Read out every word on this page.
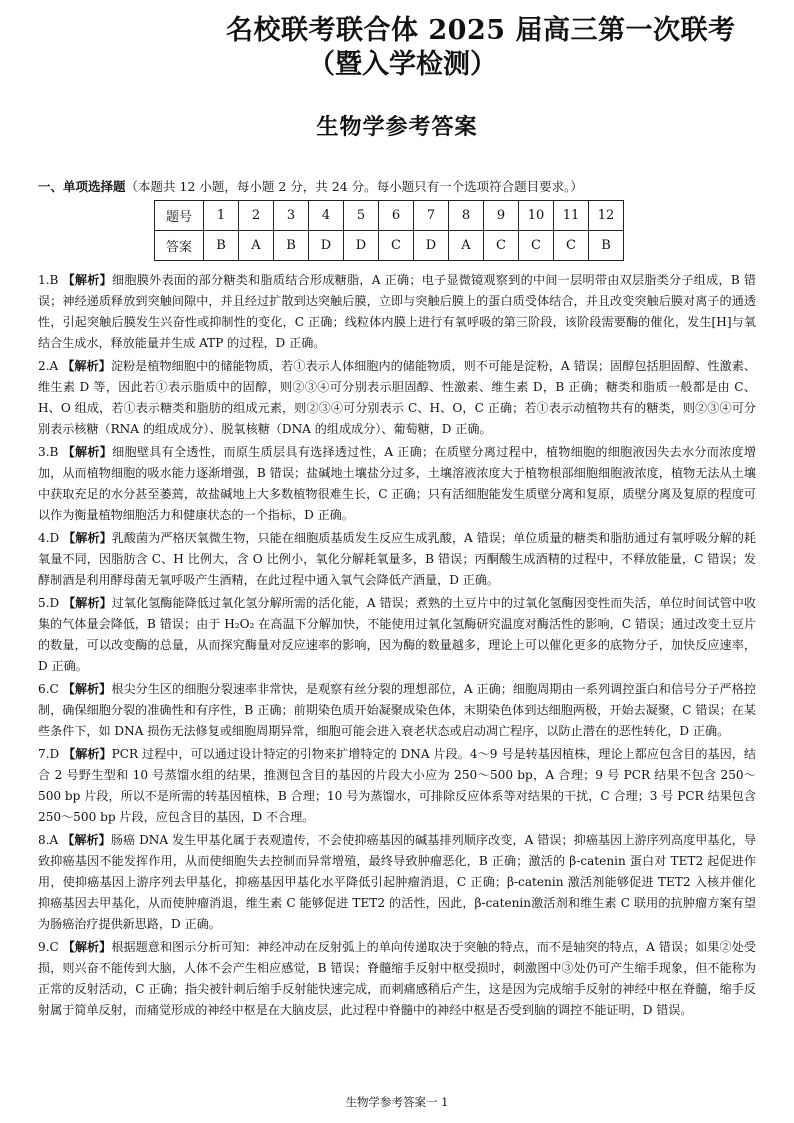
名校联考联合体 2025 届高三第一次联考
（暨入学检测）
生物学参考答案
一、单项选择题（本题共 12 小题，每小题 2 分，共 24 分。每小题只有一个选项符合题目要求。）
题号	1	2	3	4	5	6	7	8	9	10	11	12
答案	B	A	B	D	D	C	D	A	C	C	C	B
1.B 【解析】细胞膜外表面的部分糖类和脂质结合形成糖脂，A 正确；电子显微镜观察到的中间一层明带由双层脂类分子组成，B 错误；神经递质释放到突触间隙中，并且经过扩散到达突触后膜，立即与突触后膜上的蛋白质受体结合，并且改变突触后膜对离子的通透性，引起突触后膜发生兴奋性或抑制性的变化，C 正确；线粒体内膜上进行有氧呼吸的第三阶段，该阶段需要酶的催化，发生[H]与氧结合生成水，释放能量并生成 ATP 的过程，D 正确。
2.A 【解析】淀粉是植物细胞中的储能物质，若①表示人体细胞内的储能物质，则不可能是淀粉，A 错误；固醇包括胆固醇、性激素、维生素 D 等，因此若①表示脂质中的固醇，则②③④可分别表示胆固醇、性激素、维生素 D，B 正确；糖类和脂质一般都是由 C、H、O 组成，若①表示糖类和脂肪的组成元素，则②③④可分别表示 C、H、O，C 正确；若①表示动植物共有的糖类，则②③④可分别表示核糖（RNA 的组成成分）、脱氧核糖（DNA 的组成成分）、葡萄糖，D 正确。
3.B 【解析】细胞壁具有全透性，而原生质层具有选择透过性，A 正确；在质壁分离过程中，植物细胞的细胞液因失去水分而浓度增加，从而植物细胞的吸水能力逐渐增强，B 错误；盐碱地土壤盐分过多，土壤溶液浓度大于植物根部细胞细胞液浓度，植物无法从土壤中获取充足的水分甚至萎蔫，故盐碱地上大多数植物很难生长，C 正确；只有活细胞能发生质壁分离和复原，质壁分离及复原的程度可以作为衡量植物细胞活力和健康状态的一个指标，D 正确。
4.D 【解析】乳酸菌为严格厌氧微生物，只能在细胞质基质发生反应生成乳酸，A 错误；单位质量的糖类和脂肪通过有氧呼吸分解的耗氧量不同，因脂肪含 C、H 比例大，含 O 比例小，氧化分解耗氧量多，B 错误；丙酮酸生成酒精的过程中，不释放能量，C 错误；发酵制酒是利用酵母菌无氧呼吸产生酒精，在此过程中通入氧气会降低产酒量，D 正确。
5.D 【解析】过氧化氢酶能降低过氧化氢分解所需的活化能，A 错误；煮熟的土豆片中的过氧化氢酶因变性而失活，单位时间试管中收集的气体量会降低，B 错误；由于 H₂O₂ 在高温下分解加快，不能使用过氧化氢酶研究温度对酶活性的影响，C 错误；通过改变土豆片的数量，可以改变酶的总量，从而探究酶量对反应速率的影响，因为酶的数量越多，理论上可以催化更多的底物分子，加快反应速率，D 正确。
6.C 【解析】根尖分生区的细胞分裂速率非常快，是观察有丝分裂的理想部位，A 正确；细胞周期由一系列调控蛋白和信号分子严格控制，确保细胞分裂的准确性和有序性，B 正确；前期染色质开始凝聚成染色体，末期染色体到达细胞两极，开始去凝聚，C 错误；在某些条件下，如 DNA 损伤无法修复或细胞周期异常，细胞可能会进入衰老状态或启动凋亡程序，以防止潜在的恶性转化，D 正确。
7.D 【解析】PCR 过程中，可以通过设计特定的引物来扩增特定的 DNA 片段。4～9 号是转基因植株，理论上都应包含目的基因，结合 2 号野生型和 10 号蒸馏水组的结果，推测包含目的基因的片段大小应为 250～500 bp，A 合理；9 号 PCR 结果不包含 250～500 bp 片段，所以不是所需的转基因植株，B 合理；10 号为蒸馏水，可排除反应体系等对结果的干扰，C 合理；3 号 PCR 结果包含 250～500 bp 片段，应包含目的基因，D 不合理。
8.A 【解析】肠癌 DNA 发生甲基化属于表观遗传，不会使抑癌基因的碱基排列顺序改变，A 错误；抑癌基因上游序列高度甲基化，导致抑癌基因不能发挥作用，从而使细胞失去控制而异常增殖，最终导致肿瘤恶化，B 正确；激活的 β-catenin 蛋白对 TET2 起促进作用，使抑癌基因上游序列去甲基化，抑癌基因甲基化水平降低引起肿瘤消退，C 正确；β-catenin 激活剂能够促进 TET2 入核并催化抑癌基因去甲基化，从而使肿瘤消退，维生素 C 能够促进 TET2 的活性，因此，β-catenin激活剂和维生素 C 联用的抗肿瘤方案有望为肠癌治疗提供新思路，D 正确。
9.C 【解析】根据题意和图示分析可知：神经冲动在反射弧上的单向传递取决于突触的特点，而不是轴突的特点，A 错误；如果②处受损，则兴奋不能传到大脑，人体不会产生相应感觉，B 错误；脊髓缩手反射中枢受损时，刺激图中③处仍可产生缩手现象，但不能称为正常的反射活动，C 正确；指尖被针刺后缩手反射能快速完成，而刺痛感稍后产生，这是因为完成缩手反射的神经中枢在脊髓，缩手反射属于简单反射，而痛觉形成的神经中枢是在大脑皮层，此过程中脊髓中的神经中枢是否受到脑的调控不能证明，D 错误。
生物学参考答案一 1
